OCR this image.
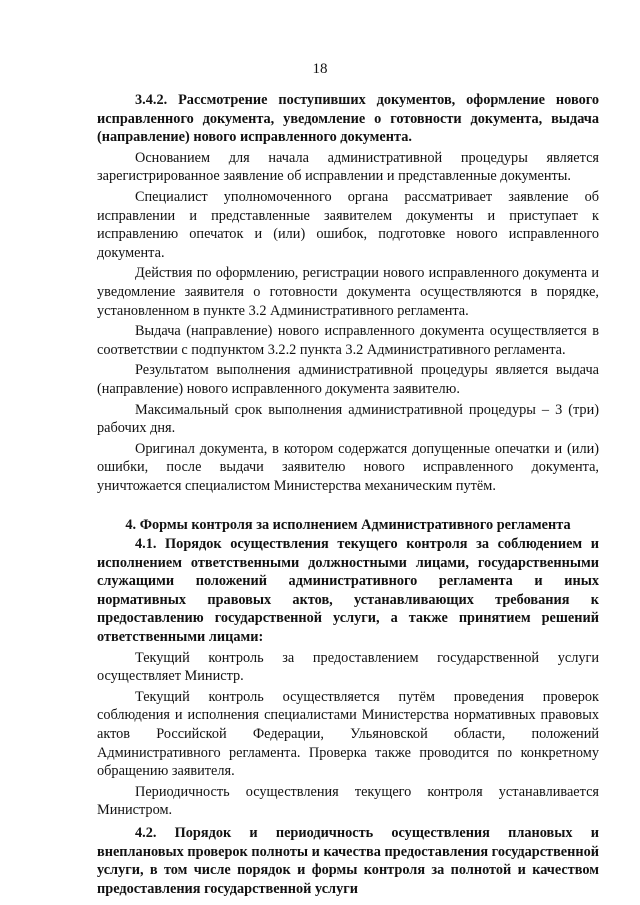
18

3.4.2. Рассмотрение поступивших документов, оформление нового исправленного документа, уведомление о готовности документа, выдача (направление) нового исправленного документа.

Основанием для начала административной процедуры является зарегистрированное заявление об исправлении и представленные документы.

Специалист уполномоченного органа рассматривает заявление об исправлении и представленные заявителем документы и приступает к исправлению опечаток и (или) ошибок, подготовке нового исправленного документа.

Действия по оформлению, регистрации нового исправленного документа и уведомление заявителя о готовности документа осуществляются в порядке, установленном в пункте 3.2 Административного регламента.

Выдача (направление) нового исправленного документа осуществляется в соответствии с подпунктом 3.2.2 пункта 3.2 Административного регламента.

Результатом выполнения административной процедуры является выдача (направление) нового исправленного документа заявителю.

Максимальный срок выполнения административной процедуры – 3 (три) рабочих дня.

Оригинал документа, в котором содержатся допущенные опечатки и (или) ошибки, после выдачи заявителю нового исправленного документа, уничтожается специалистом Министерства механическим путём.

4. Формы контроля за исполнением Административного регламента

4.1. Порядок осуществления текущего контроля за соблюдением и исполнением ответственными должностными лицами, государственными служащими положений административного регламента и иных нормативных правовых актов, устанавливающих требования к предоставлению государственной услуги, а также принятием решений ответственными лицами:

Текущий контроль за предоставлением государственной услуги осуществляет Министр.

Текущий контроль осуществляется путём проведения проверок соблюдения и исполнения специалистами Министерства нормативных правовых актов Российской Федерации, Ульяновской области, положений Административного регламента. Проверка также проводится по конкретному обращению заявителя.

Периодичность осуществления текущего контроля устанавливается Министром.

4.2. Порядок и периодичность осуществления плановых и внеплановых проверок полноты и качества предоставления государственной услуги, в том числе порядок и формы контроля за полнотой и качеством предоставления государственной услуги
